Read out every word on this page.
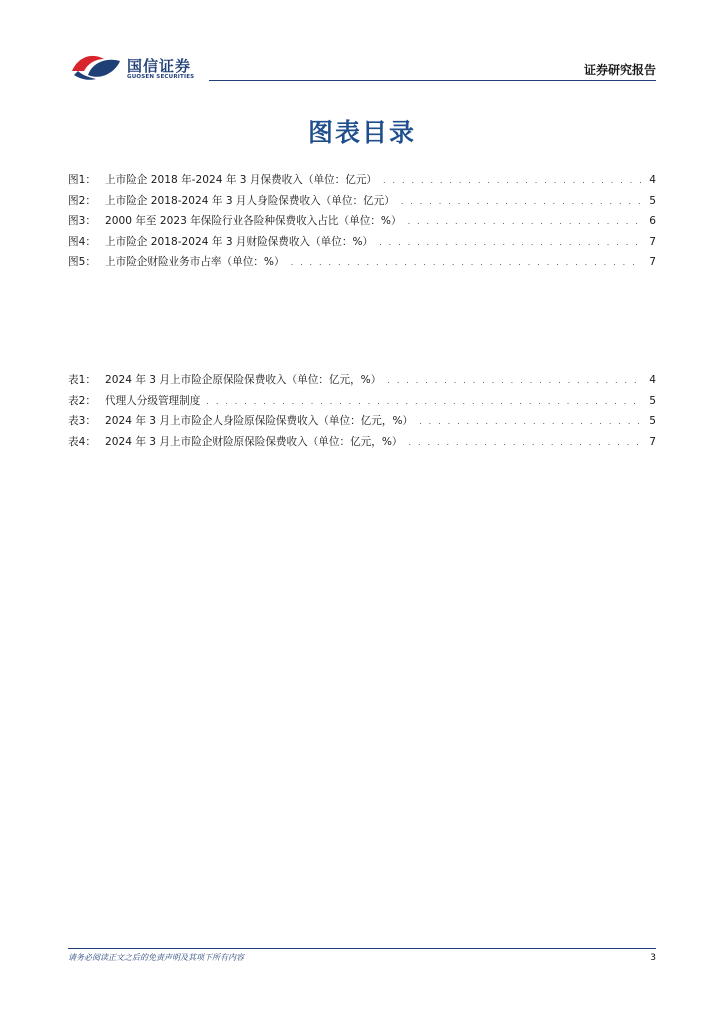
国信证券
GUOSEN SECURITIES	证券研究报告
图表目录
图1： 上市险企 2018 年-2024 年 3 月保费收入（单位：亿元） . . .	4
图2： 上市险企 2018-2024 年 3 月人身险保费收入（单位：亿元） . . .	5
图3： 2000 年至 2023 年保险行业各险种保费收入占比（单位：%） . . .	6
图4： 上市险企 2018-2024 年 3 月财险保费收入（单位：%） . . .	7
图5： 上市险企财险业务市占率（单位：%） . . .	7
表1： 2024 年 3 月上市险企原保险保费收入（单位：亿元，%） . . .	4
表2： 代理人分级管理制度 . . .	5
表3： 2024 年 3 月上市险企人身险原保险保费收入（单位：亿元，%） . . .	5
表4： 2024 年 3 月上市险企财险原保险保费收入（单位：亿元，%） . . .	7
请务必阅读正文之后的免责声明及其项下所有内容	3
